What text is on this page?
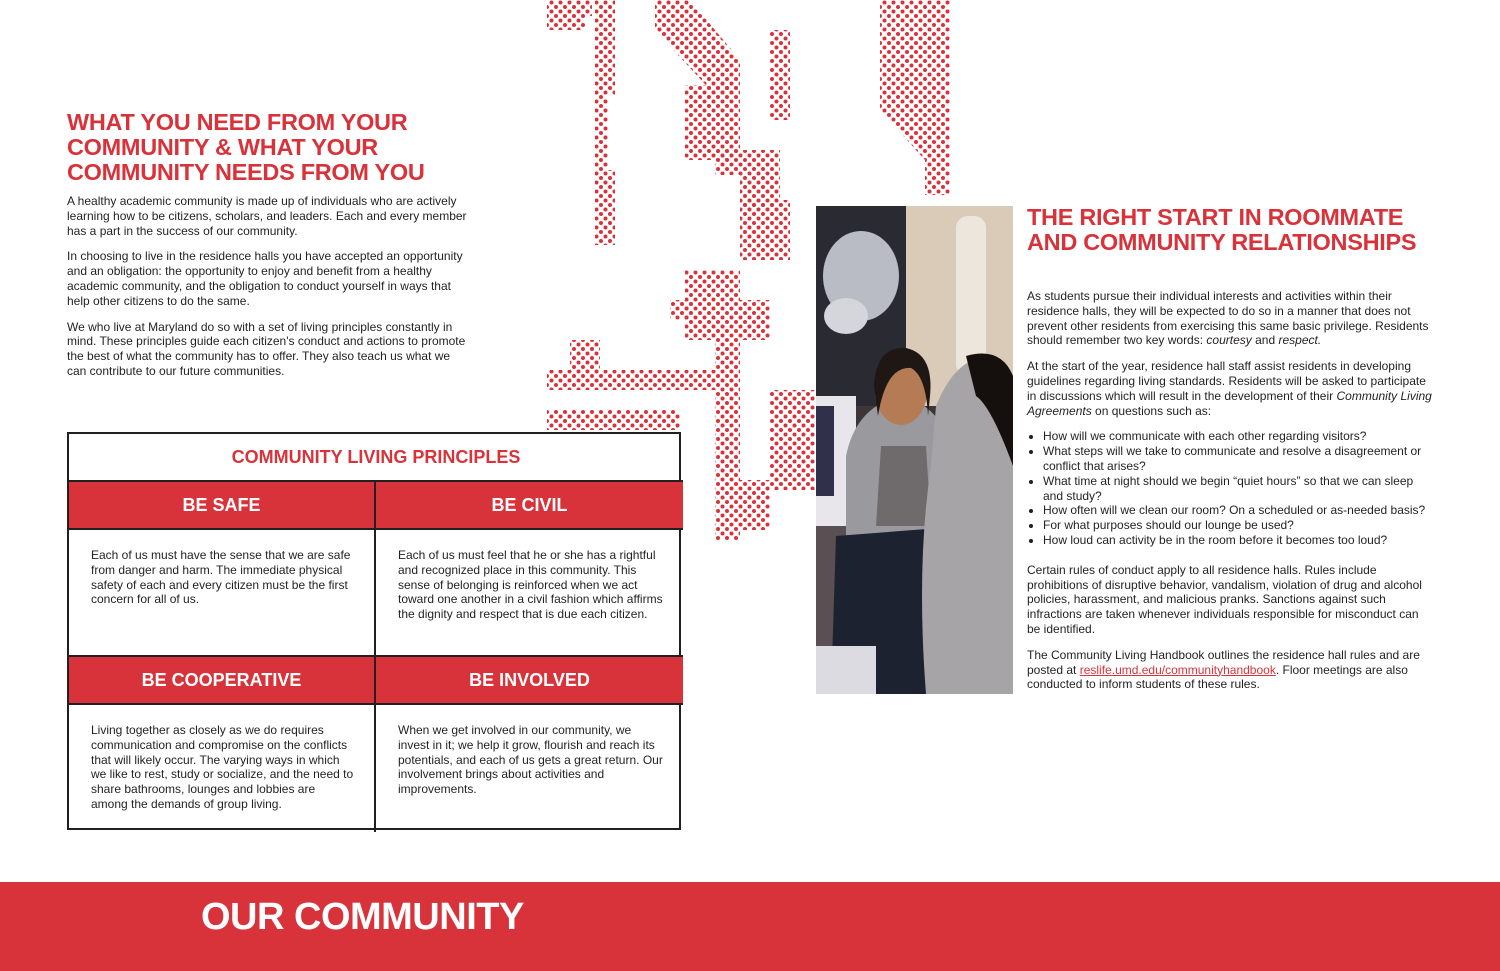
WHAT YOU NEED FROM YOUR COMMUNITY & WHAT YOUR COMMUNITY NEEDS FROM YOU

A healthy academic community is made up of individuals who are actively learning how to be citizens, scholars, and leaders. Each and every member has a part in the success of our community.

In choosing to live in the residence halls you have accepted an opportunity and an obligation: the opportunity to enjoy and benefit from a healthy academic community, and the obligation to conduct yourself in ways that help other citizens to do the same.

We who live at Maryland do so with a set of living principles constantly in mind. These principles guide each citizen's conduct and actions to promote the best of what the community has to offer. They also teach us what we can contribute to our future communities.

COMMUNITY LIVING PRINCIPLES
BE SAFE	BE CIVIL
Each of us must have the sense that we are safe from danger and harm. The immediate physical safety of each and every citizen must be the first concern for all of us.
Each of us must feel that he or she has a rightful and recognized place in this community. This sense of belonging is reinforced when we act toward one another in a civil fashion which affirms the dignity and respect that is due each citizen.
BE COOPERATIVE	BE INVOLVED
Living together as closely as we do requires communication and compromise on the conflicts that will likely occur. The varying ways in which we like to rest, study or socialize, and the need to share bathrooms, lounges and lobbies are among the demands of group living.
When we get involved in our community, we invest in it; we help it grow, flourish and reach its potentials, and each of us gets a great return. Our involvement brings about activities and improvements.
THE RIGHT START IN ROOMMATE AND COMMUNITY RELATIONSHIPS

As students pursue their individual interests and activities within their residence halls, they will be expected to do so in a manner that does not prevent other residents from exercising this same basic privilege. Residents should remember two key words: courtesy and respect.

At the start of the year, residence hall staff assist residents in developing guidelines regarding living standards. Residents will be asked to participate in discussions which will result in the development of their Community Living Agreements on questions such as:

• How will we communicate with each other regarding visitors?
• What steps will we take to communicate and resolve a disagreement or conflict that arises?
• What time at night should we begin “quiet hours” so that we can sleep and study?
• How often will we clean our room? On a scheduled or as-needed basis?
• For what purposes should our lounge be used?
• How loud can activity be in the room before it becomes too loud?

Certain rules of conduct apply to all residence halls. Rules include prohibitions of disruptive behavior, vandalism, violation of drug and alcohol policies, harassment, and malicious pranks. Sanctions against such infractions are taken whenever individuals responsible for misconduct can be identified.

The Community Living Handbook outlines the residence hall rules and are posted at reslife.umd.edu/communityhandbook. Floor meetings are also conducted to inform students of these rules.

OUR COMMUNITY
